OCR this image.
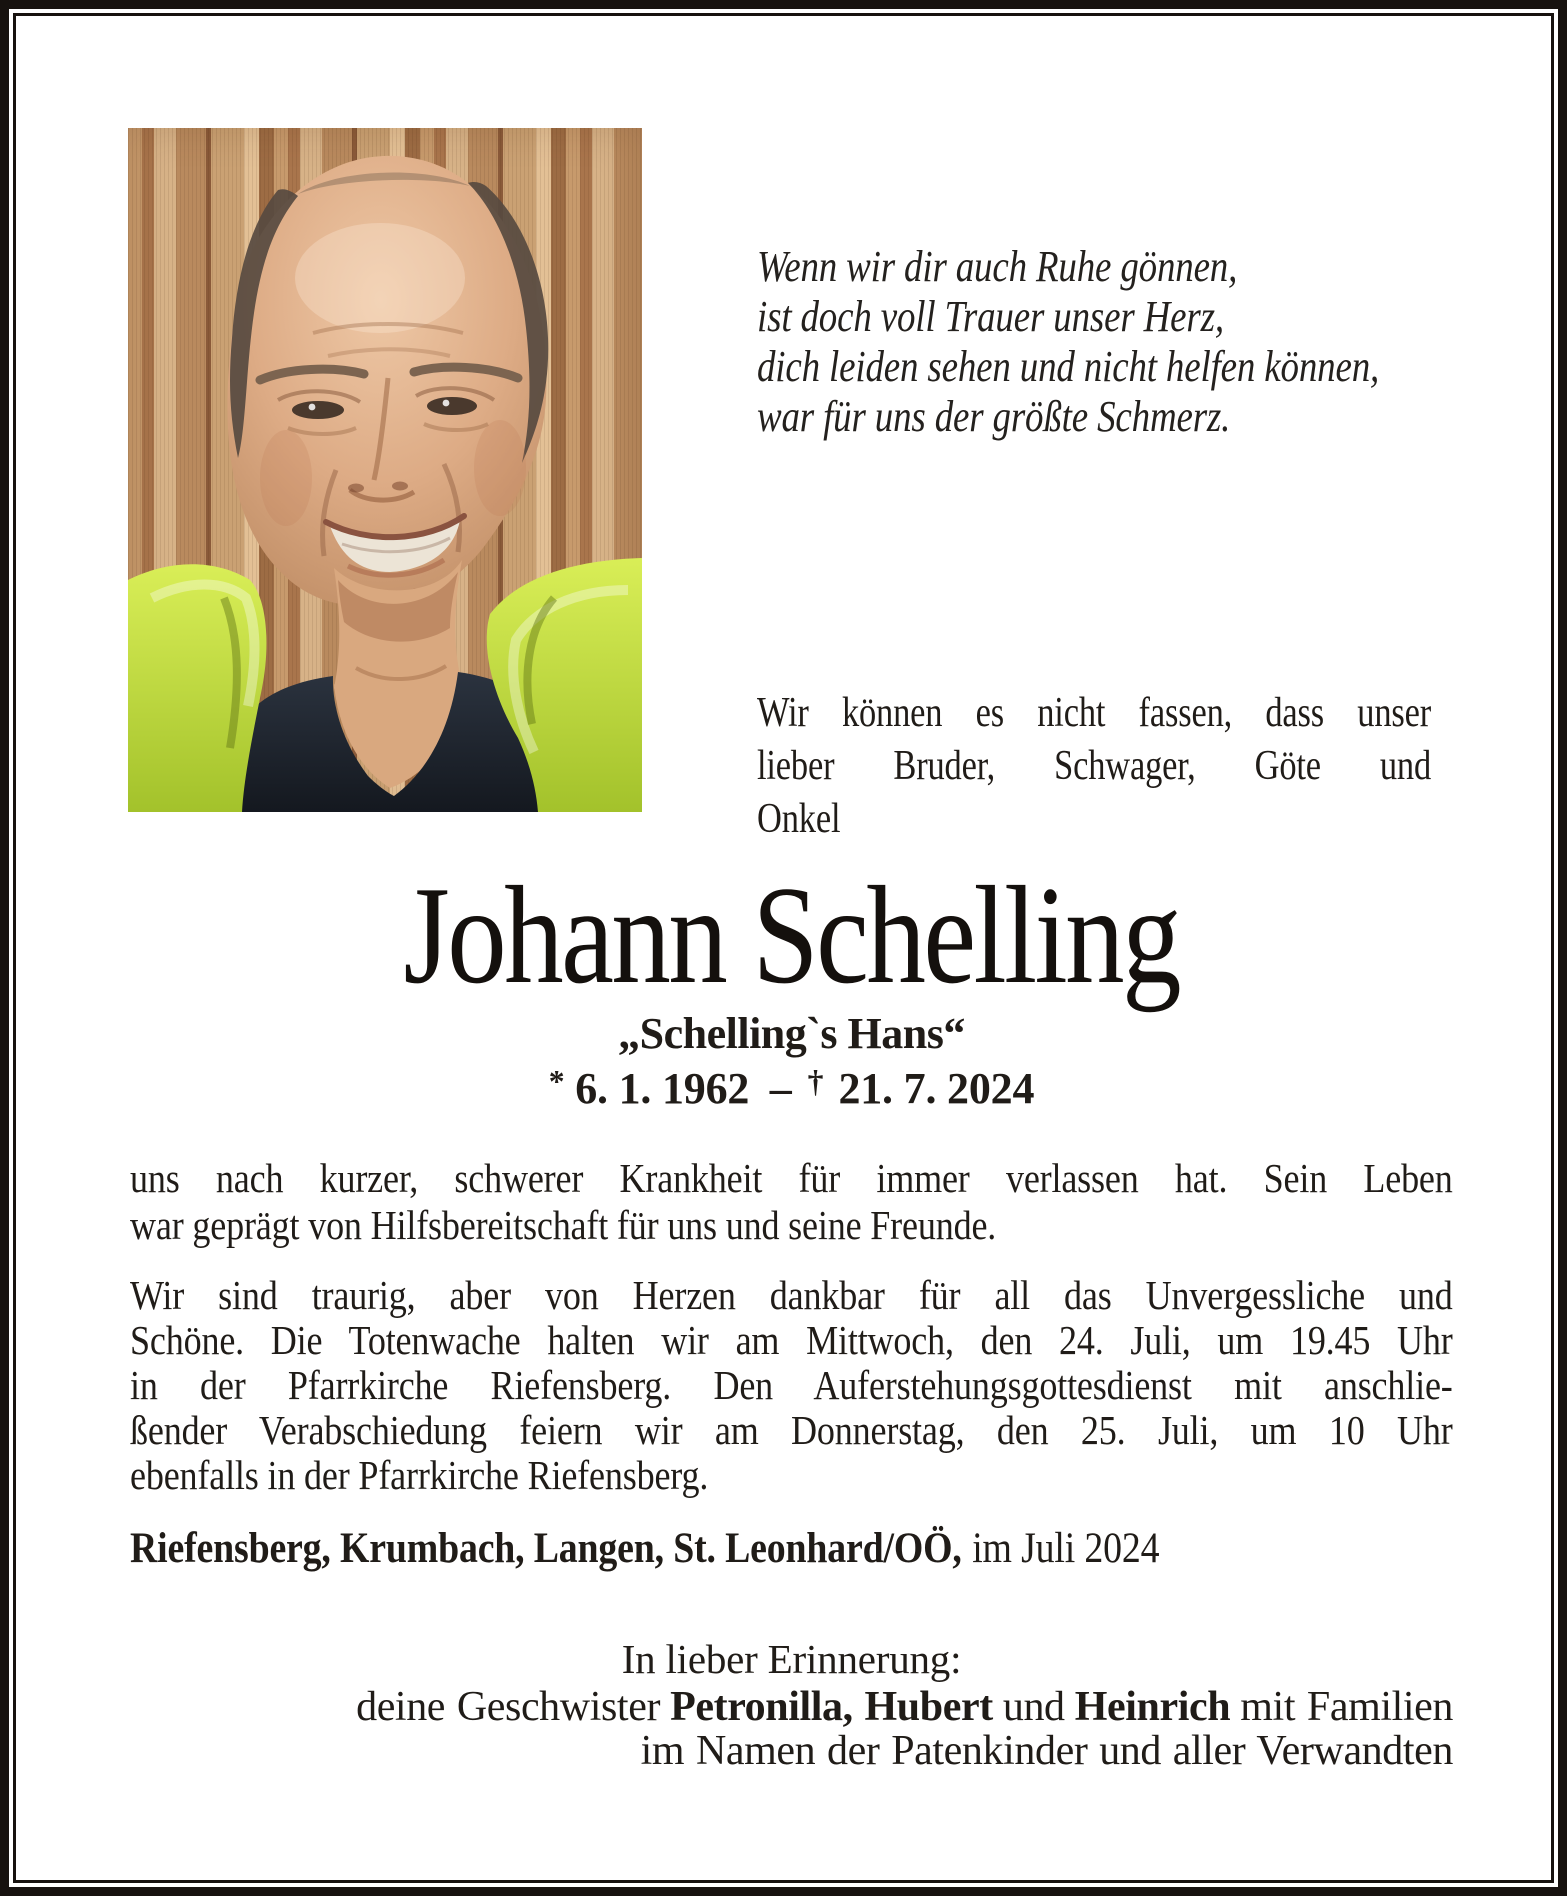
Wenn wir dir auch Ruhe gönnen,
ist doch voll Trauer unser Herz,
dich leiden sehen und nicht helfen können,
war für uns der größte Schmerz.
Wir können es nicht fassen, dass unser
lieber Bruder, Schwager, Göte und
Onkel
Johann Schelling
„Schelling`s Hans“
* 6. 1. 1962 – † 21. 7. 2024
uns nach kurzer, schwerer Krankheit für immer verlassen hat. Sein Leben
war geprägt von Hilfsbereitschaft für uns und seine Freunde.
Wir sind traurig, aber von Herzen dankbar für all das Unvergessliche und
Schöne. Die Totenwache halten wir am Mittwoch, den 24. Juli, um 19.45 Uhr
in der Pfarrkirche Riefensberg. Den Auferstehungsgottesdienst mit anschlie-
ßender Verabschiedung feiern wir am Donnerstag, den 25. Juli, um 10 Uhr
ebenfalls in der Pfarrkirche Riefensberg.
Riefensberg, Krumbach, Langen, St. Leonhard/OÖ, im Juli 2024
In lieber Erinnerung:
deine Geschwister Petronilla, Hubert und Heinrich mit Familien
im Namen der Patenkinder und aller Verwandten
